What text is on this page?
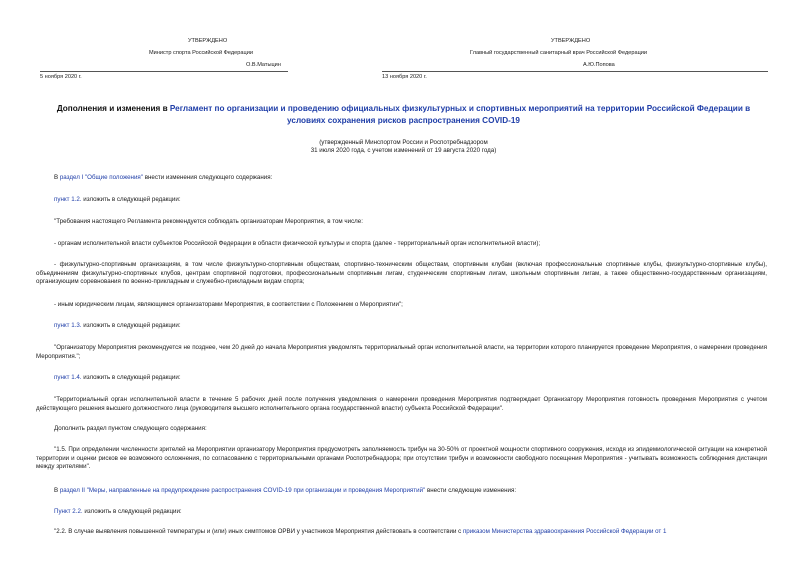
УТВЕРЖДЕНО
Министр спорта Российской Федерации
О.В.Матыцин
5 ноября 2020 г.
УТВЕРЖДЕНО
Главный государственный санитарный врач Российской Федерации
А.Ю.Попова
13 ноября 2020 г.
Дополнения и изменения в Регламент по организации и проведению официальных физкультурных и спортивных мероприятий на территории Российской Федерации в условиях сохранения рисков распространения COVID-19
(утвержденный Минспортом России и Роспотребнадзором
31 июля 2020 года, с учетом изменений от 19 августа 2020 года)
В раздел I "Общие положения" внести изменения следующего содержания:
пункт 1.2. изложить в следующей редакции:
"Требования настоящего Регламента рекомендуется соблюдать организаторам Мероприятия, в том числе:
- органам исполнительной власти субъектов Российской Федерации в области физической культуры и спорта (далее - территориальный орган исполнительной власти);
- физкультурно-спортивным организациям, в том числе физкультурно-спортивным обществам, спортивно-техническим обществам, спортивным клубам (включая профессиональные спортивные клубы, физкультурно-спортивные клубы), объединениям физкультурно-спортивных клубов, центрам спортивной подготовки, профессиональным спортивным лигам, студенческим спортивным лигам, школьным спортивным лигам, а также общественно-государственным организациям, организующим соревнования по военно-прикладным и служебно-прикладным видам спорта;
- иным юридическим лицам, являющимся организаторами Мероприятия, в соответствии с Положением о Мероприятии";
пункт 1.3. изложить в следующей редакции:
"Организатору Мероприятия рекомендуется не позднее, чем 20 дней до начала Мероприятия уведомлять территориальный орган исполнительной власти, на территории которого планируется проведение Мероприятия, о намерении проведения Мероприятия.";
пункт 1.4. изложить в следующей редакции:
"Территориальный орган исполнительной власти в течение 5 рабочих дней после получения уведомления о намерении проведения Мероприятия подтверждает Организатору Мероприятия готовность проведения Мероприятия с учетом действующего решения высшего должностного лица (руководителя высшего исполнительного органа государственной власти) субъекта Российской Федерации".
Дополнить раздел пунктом следующего содержания:
"1.5. При определении численности зрителей на Мероприятии организатору Мероприятия предусмотреть заполняемость трибун на 30-50% от проектной мощности спортивного сооружения, исходя из эпидемиологической ситуации на конкретной территории и оценки рисков ее возможного осложнения, по согласованию с территориальными органами Роспотребнадзора; при отсутствии трибун и возможности свободного посещения Мероприятия - учитывать возможность соблюдения дистанции между зрителями".
В раздел II "Меры, направленные на предупреждение распространения COVID-19 при организации и проведения Мероприятий" внести следующие изменения:
Пункт 2.2. изложить в следующей редакции:
"2.2. В случае выявления повышенной температуры и (или) иных симптомов ОРВИ у участников Мероприятия действовать в соответствии с приказом Министерства здравоохранения Российской Федерации от 1
